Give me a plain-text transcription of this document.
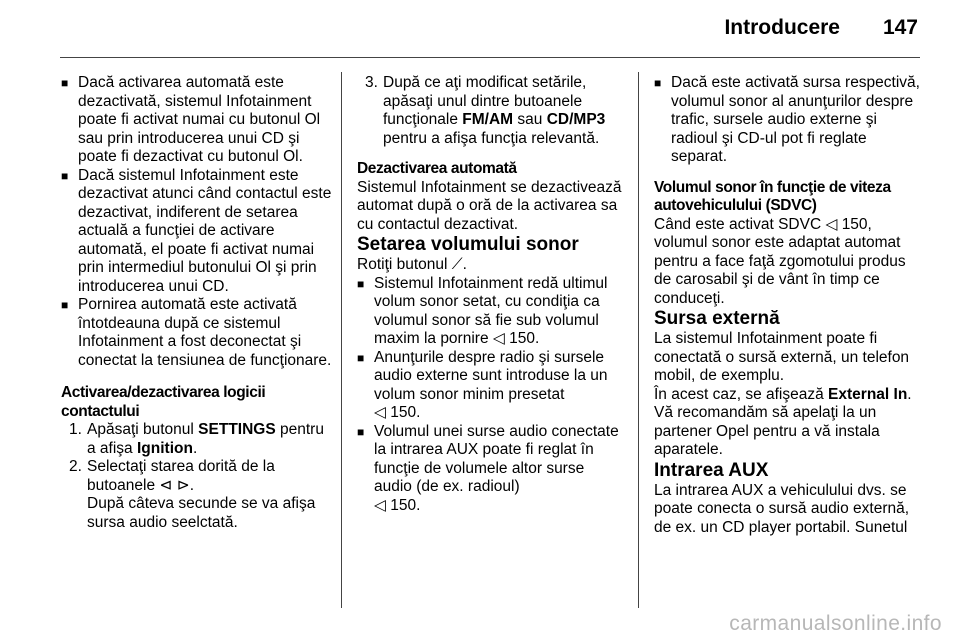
Introducere 147

■ Dacă activarea automată este dezactivată, sistemul Infotainment poate fi activat numai cu butonul Ol sau prin introducerea unui CD şi poate fi dezactivat cu butonul Ol.

■ Dacă sistemul Infotainment este dezactivat atunci când contactul este dezactivat, indiferent de setarea actuală a funcţiei de activare automată, el poate fi activat numai prin intermediul butonului Ol şi prin introducerea unui CD.

■ Pornirea automată este activată întotdeauna după ce sistemul Infotainment a fost deconectat şi conectat la tensiunea de funcţionare.

Activarea/dezactivarea logicii contactului

1. Apăsaţi butonul SETTINGS pentru a afişa Ignition.

2. Selectaţi starea dorită de la butoanele ⊲ ⊳.

După câteva secunde se va afişa sursa audio seelctată.

3. După ce aţi modificat setările, apăsaţi unul dintre butoanele funcţionale FM/AM sau CD/MP3 pentru a afişa funcţia relevantă.

Dezactivarea automată

Sistemul Infotainment se dezactivează automat după o oră de la activarea sa cu contactul dezactivat.

Setarea volumului sonor

Rotiţi butonul ⟋.

■ Sistemul Infotainment redă ultimul volum sonor setat, cu condiţia ca volumul sonor să fie sub volumul maxim la pornire ◁ 150.

■ Anunţurile despre radio şi sursele audio externe sunt introduse la un volum sonor minim presetat
◁ 150.

■ Volumul unei surse audio conectate la intrarea AUX poate fi reglat în funcţie de volumele altor surse audio (de ex. radioul)
◁ 150.

■ Dacă este activată sursa respectivă, volumul sonor al anunţurilor despre trafic, sursele audio externe şi radioul şi CD-ul pot fi reglate separat.

Volumul sonor în funcţie de viteza autovehiculului (SDVC)

Când este activat SDVC ◁ 150, volumul sonor este adaptat automat pentru a face faţă zgomotului produs de carosabil şi de vânt în timp ce conduceţi.

Sursa externă

La sistemul Infotainment poate fi conectată o sursă externă, un telefon mobil, de exemplu.

În acest caz, se afişează External In.

Vă recomandăm să apelaţi la un partener Opel pentru a vă instala aparatele.

Intrarea AUX

La intrarea AUX a vehiculului dvs. se poate conecta o sursă audio externă, de ex. un CD player portabil. Sunetul

carmanualsonline.info
